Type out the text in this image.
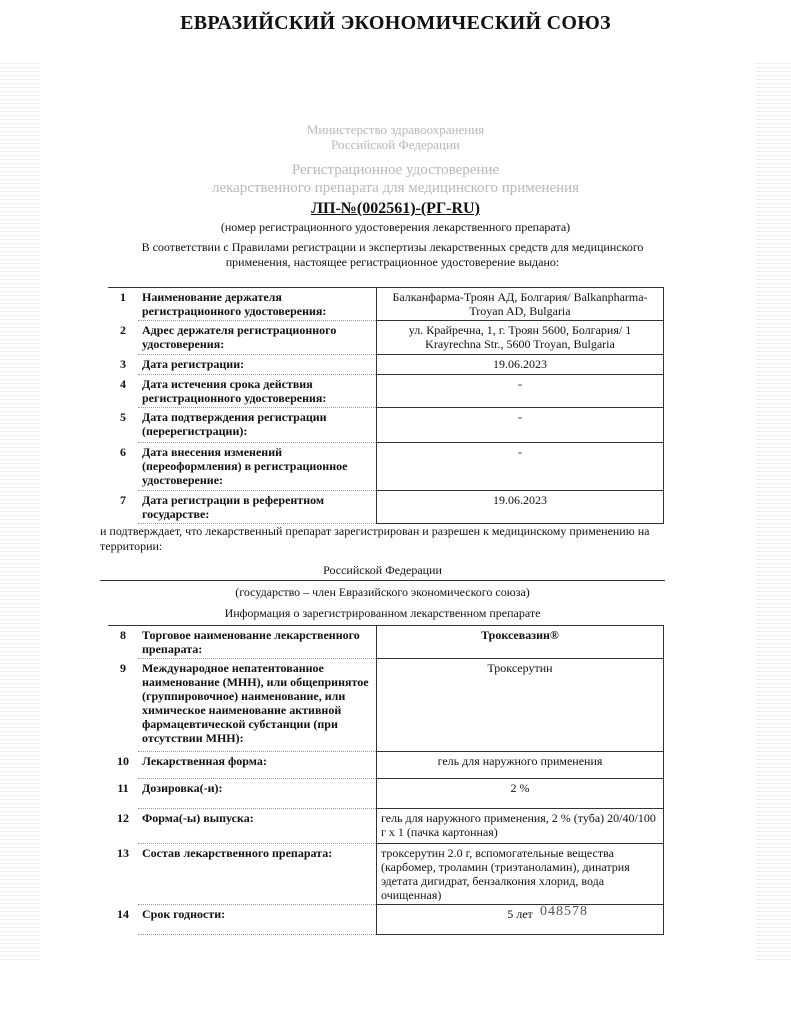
ЕВРАЗИЙСКИЙ ЭКОНОМИЧЕСКИЙ СОЮЗ
Министерство здравоохранения
Российской Федерации
Регистрационное удостоверение
лекарственного препарата для медицинского применения
ЛП-№(002561)-(РГ-RU)
(номер регистрационного удостоверения лекарственного препарата)
В соответствии с Правилами регистрации и экспертизы лекарственных средств для медицинского применения, настоящее регистрационное удостоверение выдано:
1	Наименование держателя регистрационного удостоверения:	Балканфарма-Троян АД, Болгария/ Balkanpharma-Troyan AD, Bulgaria
2	Адрес держателя регистрационного удостоверения:	ул. Крайречна, 1, г. Троян 5600, Болгария/ 1 Krayrechna Str., 5600 Troyan, Bulgaria
3	Дата регистрации:	19.06.2023
4	Дата истечения срока действия регистрационного удостоверения:	-
5	Дата подтверждения регистрации (перерегистрации):	-
6	Дата внесения изменений (переоформления) в регистрационное удостоверение:	-
7	Дата регистрации в референтном государстве:	19.06.2023
и подтверждает, что лекарственный препарат зарегистрирован и разрешен к медицинскому применению на территории:
Российской Федерации
(государство – член Евразийского экономического союза)
Информация о зарегистрированном лекарственном препарате
8	Торговое наименование лекарственного препарата:	Троксевазин®
9	Международное непатентованное наименование (МНН), или общепринятое (группировочное) наименование, или химическое наименование активной фармацевтической субстанции (при отсутствии МНН):	Троксерутин
10	Лекарственная форма:	гель для наружного применения
11	Дозировка(-и):	2 %
12	Форма(-ы) выпуска:	гель для наружного применения, 2 % (туба) 20/40/100 г x 1 (пачка картонная)
13	Состав лекарственного препарата:	троксерутин 2.0 г, вспомогательные вещества (карбомер, троламин (триэтаноламин), динатрия эдетата дигидрат, бензалкония хлорид, вода очищенная)
14	Срок годности:	5 лет 048578
